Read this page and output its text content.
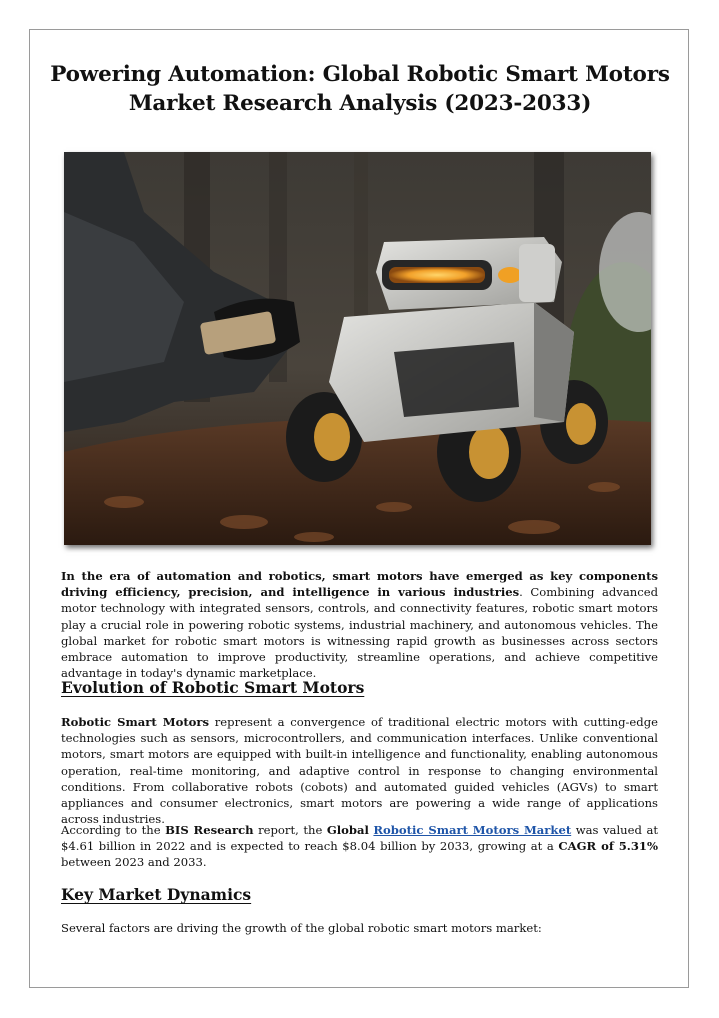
Powering Automation: Global Robotic Smart Motors Market Research Analysis (2023-2033)

In the era of automation and robotics, smart motors have emerged as key components driving efficiency, precision, and intelligence in various industries. Combining advanced motor technology with integrated sensors, controls, and connectivity features, robotic smart motors play a crucial role in powering robotic systems, industrial machinery, and autonomous vehicles. The global market for robotic smart motors is witnessing rapid growth as businesses across sectors embrace automation to improve productivity, streamline operations, and achieve competitive advantage in today's dynamic marketplace.

Evolution of Robotic Smart Motors

Robotic Smart Motors represent a convergence of traditional electric motors with cutting-edge technologies such as sensors, microcontrollers, and communication interfaces. Unlike conventional motors, smart motors are equipped with built-in intelligence and functionality, enabling autonomous operation, real-time monitoring, and adaptive control in response to changing environmental conditions. From collaborative robots (cobots) and automated guided vehicles (AGVs) to smart appliances and consumer electronics, smart motors are powering a wide range of applications across industries.

According to the BIS Research report, the Global Robotic Smart Motors Market was valued at $4.61 billion in 2022 and is expected to reach $8.04 billion by 2033, growing at a CAGR of 5.31% between 2023 and 2033.

Key Market Dynamics

Several factors are driving the growth of the global robotic smart motors market:
